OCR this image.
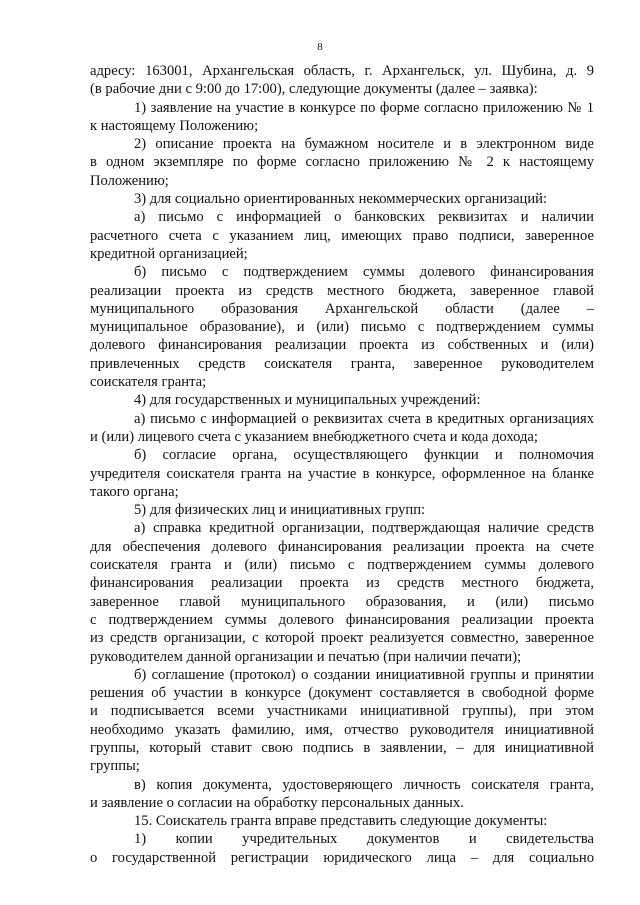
8
адресу: 163001, Архангельская область, г. Архангельск, ул. Шубина, д. 9
(в рабочие дни с 9:00 до 17:00), следующие документы (далее – заявка):
1) заявление на участие в конкурсе по форме согласно приложению № 1
к настоящему Положению;
2) описание проекта на бумажном носителе и в электронном виде
в одном экземпляре по форме согласно приложению № 2 к настоящему
Положению;
3) для социально ориентированных некоммерческих организаций:
а) письмо с информацией о банковских реквизитах и наличии
расчетного счета с указанием лиц, имеющих право подписи, заверенное
кредитной организацией;
б) письмо с подтверждением суммы долевого финансирования
реализации проекта из средств местного бюджета, заверенное главой
муниципального образования Архангельской области (далее –
муниципальное образование), и (или) письмо с подтверждением суммы
долевого финансирования реализации проекта из собственных и (или)
привлеченных средств соискателя гранта, заверенное руководителем
соискателя гранта;
4) для государственных и муниципальных учреждений:
а) письмо с информацией о реквизитах счета в кредитных организациях
и (или) лицевого счета с указанием внебюджетного счета и кода дохода;
б) согласие органа, осуществляющего функции и полномочия
учредителя соискателя гранта на участие в конкурсе, оформленное на бланке
такого органа;
5) для физических лиц и инициативных групп:
а) справка кредитной организации, подтверждающая наличие средств
для обеспечения долевого финансирования реализации проекта на счете
соискателя гранта и (или) письмо с подтверждением суммы долевого
финансирования реализации проекта из средств местного бюджета,
заверенное главой муниципального образования, и (или) письмо
с подтверждением суммы долевого финансирования реализации проекта
из средств организации, с которой проект реализуется совместно, заверенное
руководителем данной организации и печатью (при наличии печати);
б) соглашение (протокол) о создании инициативной группы и принятии
решения об участии в конкурсе (документ составляется в свободной форме
и подписывается всеми участниками инициативной группы), при этом
необходимо указать фамилию, имя, отчество руководителя инициативной
группы, который ставит свою подпись в заявлении, – для инициативной
группы;
в) копия документа, удостоверяющего личность соискателя гранта,
и заявление о согласии на обработку персональных данных.
15. Соискатель гранта вправе представить следующие документы:
1) копии учредительных документов и свидетельства
о государственной регистрации юридического лица – для социально
